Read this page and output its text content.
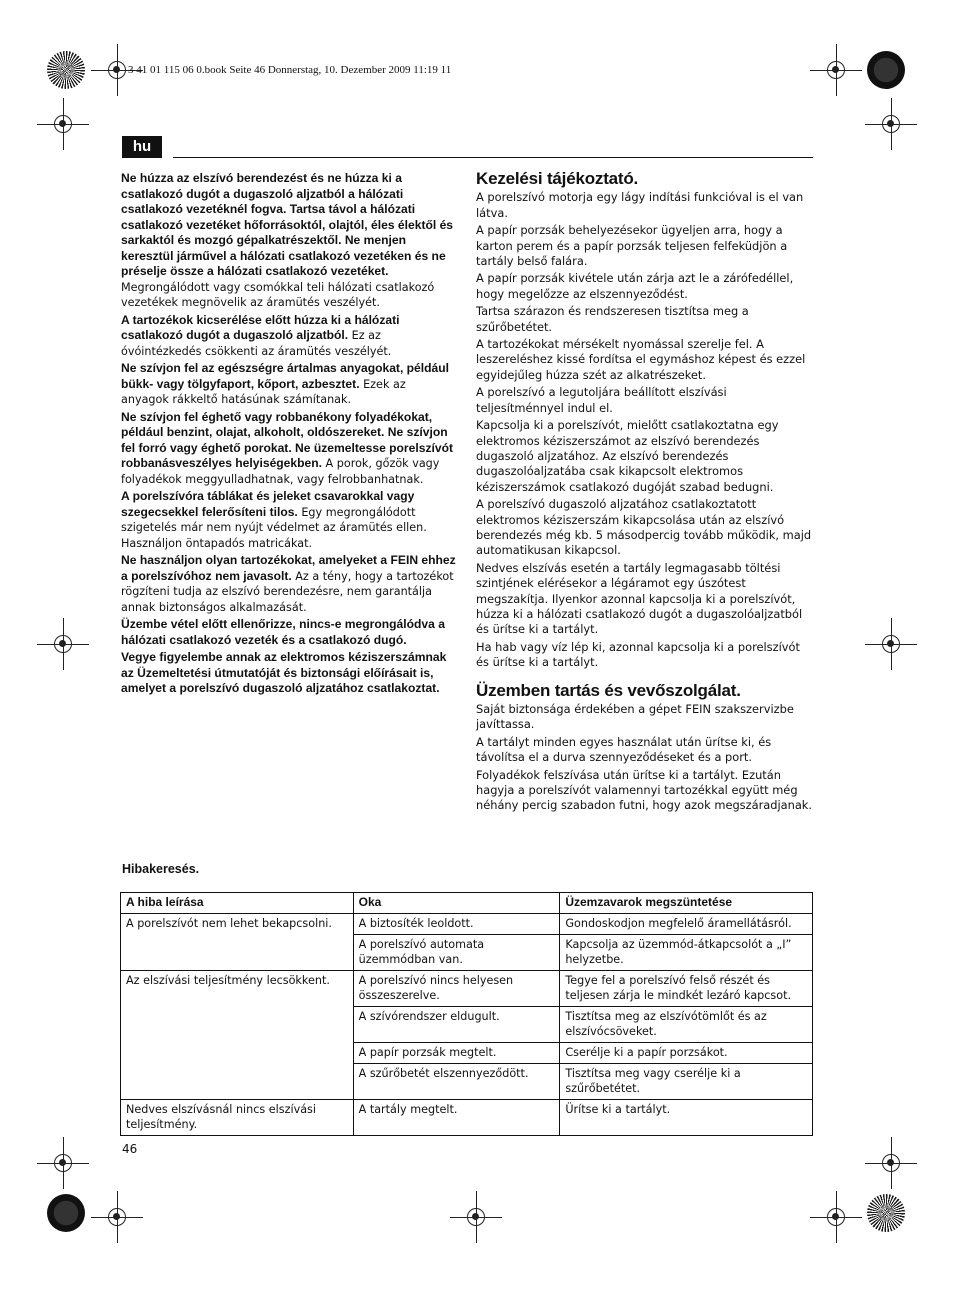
3 41 01 115 06 0.book Seite 46 Donnerstag, 10. Dezember 2009 11:19 11
hu

Ne húzza az elszívó berendezést és ne húzza ki a csatlakozó dugót a dugaszoló aljzatból a hálózati csatlakozó vezetéknél fogva. Tartsa távol a hálózati csatlakozó vezetéket hőforrásoktól, olajtól, éles élektől és sarkaktól és mozgó gépalkatrészektől. Ne menjen keresztül járművel a hálózati csatlakozó vezetéken és ne préselje össze a hálózati csatlakozó vezetéket. Megrongálódott vagy csomókkal teli hálózati csatlakozó vezetékek megnövelik az áramütés veszélyét.

A tartozékok kicserélése előtt húzza ki a hálózati csatlakozó dugót a dugaszoló aljzatból. Ez az óvóintézkedés csökkenti az áramütés veszélyét.

Ne szívjon fel az egészségre ártalmas anyagokat, például bükk- vagy tölgyfaport, kőport, azbesztet. Ezek az anyagok rákkeltő hatásúnak számítanak.

Ne szívjon fel éghető vagy robbanékony folyadékokat, például benzint, olajat, alkoholt, oldószereket. Ne szívjon fel forró vagy éghető porokat. Ne üzemeltesse porelszívót robbanásveszélyes helyiségekben. A porok, gőzök vagy folyadékok meggyulladhatnak, vagy felrobbanhatnak.

A porelszívóra táblákat és jeleket csavarokkal vagy szegecsekkel felerősíteni tilos. Egy megrongálódott szigetelés már nem nyújt védelmet az áramütés ellen. Használjon öntapadós matricákat.

Ne használjon olyan tartozékokat, amelyeket a FEIN ehhez a porelszívóhoz nem javasolt. Az a tény, hogy a tartozékot rögzíteni tudja az elszívó berendezésre, nem garantálja annak biztonságos alkalmazását.

Üzembe vétel előtt ellenőrizze, nincs-e megrongálódva a hálózati csatlakozó vezeték és a csatlakozó dugó.

Vegye figyelembe annak az elektromos kéziszerszámnak az Üzemeltetési útmutatóját és biztonsági előírásait is, amelyet a porelszívó dugaszoló aljzatához csatlakoztat.

Kezelési tájékoztató.

A porelszívó motorja egy lágy indítási funkcióval is el van látva.

A papír porzsák behelyezésekor ügyeljen arra, hogy a karton perem és a papír porzsák teljesen felfeküdjön a tartály belső falára.

A papír porzsák kivétele után zárja azt le a zárófedéllel, hogy megelőzze az elszennyeződést.

Tartsa szárazon és rendszeresen tisztítsa meg a szűrőbetétet.

A tartozékokat mérsékelt nyomással szerelje fel. A leszereléshez kissé fordítsa el egymáshoz képest és ezzel egyidejűleg húzza szét az alkatrészeket.

A porelszívó a legutoljára beállított elszívási teljesítménnyel indul el.

Kapcsolja ki a porelszívót, mielőtt csatlakoztatna egy elektromos kéziszerszámot az elszívó berendezés dugaszoló aljzatához. Az elszívó berendezés dugaszolóaljzatába csak kikapcsolt elektromos kéziszerszámok csatlakozó dugóját szabad bedugni.

A porelszívó dugaszoló aljzatához csatlakoztatott elektromos kéziszerszám kikapcsolása után az elszívó berendezés még kb. 5 másodpercig tovább működik, majd automatikusan kikapcsol.

Nedves elszívás esetén a tartály legmagasabb töltési szintjének elérésekor a légáramot egy úszótest megszakítja. Ilyenkor azonnal kapcsolja ki a porelszívót, húzza ki a hálózati csatlakozó dugót a dugaszolóaljzatból és ürítse ki a tartályt.

Ha hab vagy víz lép ki, azonnal kapcsolja ki a porelszívót és ürítse ki a tartályt.

Üzemben tartás és vevőszolgálat.

Saját biztonsága érdekében a gépet FEIN szakszervizbe javíttassa.

A tartályt minden egyes használat után ürítse ki, és távolítsa el a durva szennyeződéseket és a port.

Folyadékok felszívása után ürítse ki a tartályt. Ezután hagyja a porelszívót valamennyi tartozékkal együtt még néhány percig szabadon futni, hogy azok megszáradjanak.

Hibakeresés.
A hiba leírása	Oka	Üzemzavarok megszüntetése
A porelszívót nem lehet bekapcsolni.	A biztosíték leoldott.	Gondoskodjon megfelelő áramellátásról.
	A porelszívó automata üzemmódban van.	Kapcsolja az üzemmód-átkapcsolót a „I” helyzetbe.
Az elszívási teljesítmény lecsökkent.	A porelszívó nincs helyesen összeszerelve.	Tegye fel a porelszívó felső részét és teljesen zárja le mindkét lezáró kapcsot.
	A szívórendszer eldugult.	Tisztítsa meg az elszívótömlőt és az elszívócsöveket.
	A papír porzsák megtelt.	Cserélje ki a papír porzsákot.
	A szűrőbetét elszennyeződött.	Tisztítsa meg vagy cserélje ki a szűrőbetétet.
Nedves elszívásnál nincs elszívási teljesítmény.	A tartály megtelt.	Ürítse ki a tartályt.
46
